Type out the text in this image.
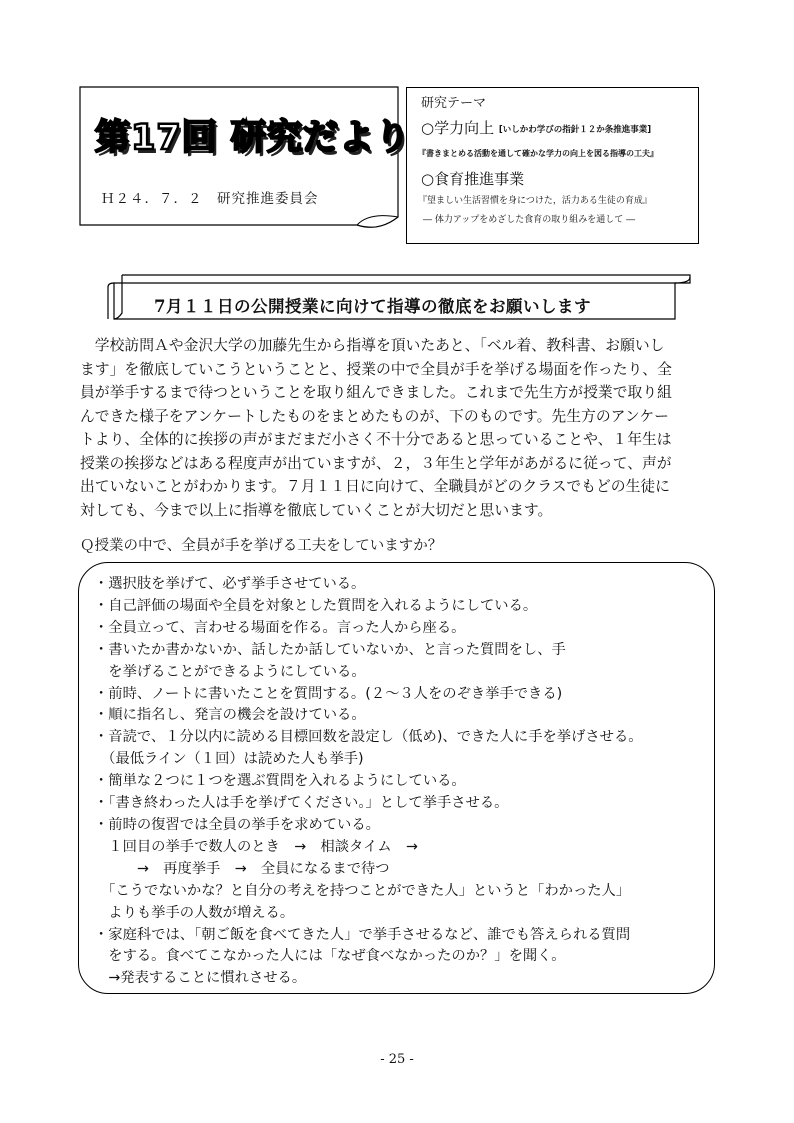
第17回 研究だより
Ｈ２４．７．２　研究推進委員会
研究テーマ
○学力向上 [いしかわ学びの指針１２か条推進事業]
『書きまとめる活動を通して確かな学力の向上を図る指導の工夫』
○食育推進事業
『望ましい生活習慣を身につけた，活力ある生徒の育成』
― 体力アップをめざした食育の取り組みを通して ―
7月１１日の公開授業に向けて指導の徹底をお願いします
　学校訪問Ａや金沢大学の加藤先生から指導を頂いたあと、「ベル着、教科書、お願いし
ます」を徹底していこうということと、授業の中で全員が手を挙げる場面を作ったり、全
員が挙手するまで待つということを取り組んできました。これまで先生方が授業で取り組
んできた様子をアンケートしたものをまとめたものが、下のものです。先生方のアンケー
トより、全体的に挨拶の声がまだまだ小さく不十分であると思っていることや、１年生は
授業の挨拶などはある程度声が出ていますが、２，３年生と学年があがるに従って、声が
出ていないことがわかります。７月１１日に向けて、全職員がどのクラスでもどの生徒に
対しても、今まで以上に指導を徹底していくことが大切だと思います。
Ｑ授業の中で、全員が手を挙げる工夫をしていますか？
・選択肢を挙げて、必ず挙手させている。
・自己評価の場面や全員を対象とした質問を入れるようにしている。
・全員立って、言わせる場面を作る。言った人から座る。
・書いたか書かないか、話したか話していないか、と言った質問をし、手
　を挙げることができるようにしている。
・前時、ノートに書いたことを質問する。(２～３人をのぞき挙手できる)
・順に指名し、発言の機会を設けている。
・音読で、１分以内に読める目標回数を設定し（低め)、できた人に手を挙げさせる。
　（最低ライン（１回）は読めた人も挙手)
・簡単な２つに１つを選ぶ質問を入れるようにしている。
・「書き終わった人は手を挙げてください。」として挙手させる。
・前時の復習では全員の挙手を求めている。
　１回目の挙手で数人のとき　→　相談タイム　→
　　　→　再度挙手　→　全員になるまで待つ
　「こうでないかな？と自分の考えを持つことができた人」というと「わかった人」
　よりも挙手の人数が増える。
・家庭科では、「朝ご飯を食べてきた人」で挙手させるなど、誰でも答えられる質問
　をする。食べてこなかった人には「なぜ食べなかったのか？」を聞く。
　→発表することに慣れさせる。
- 25 -
